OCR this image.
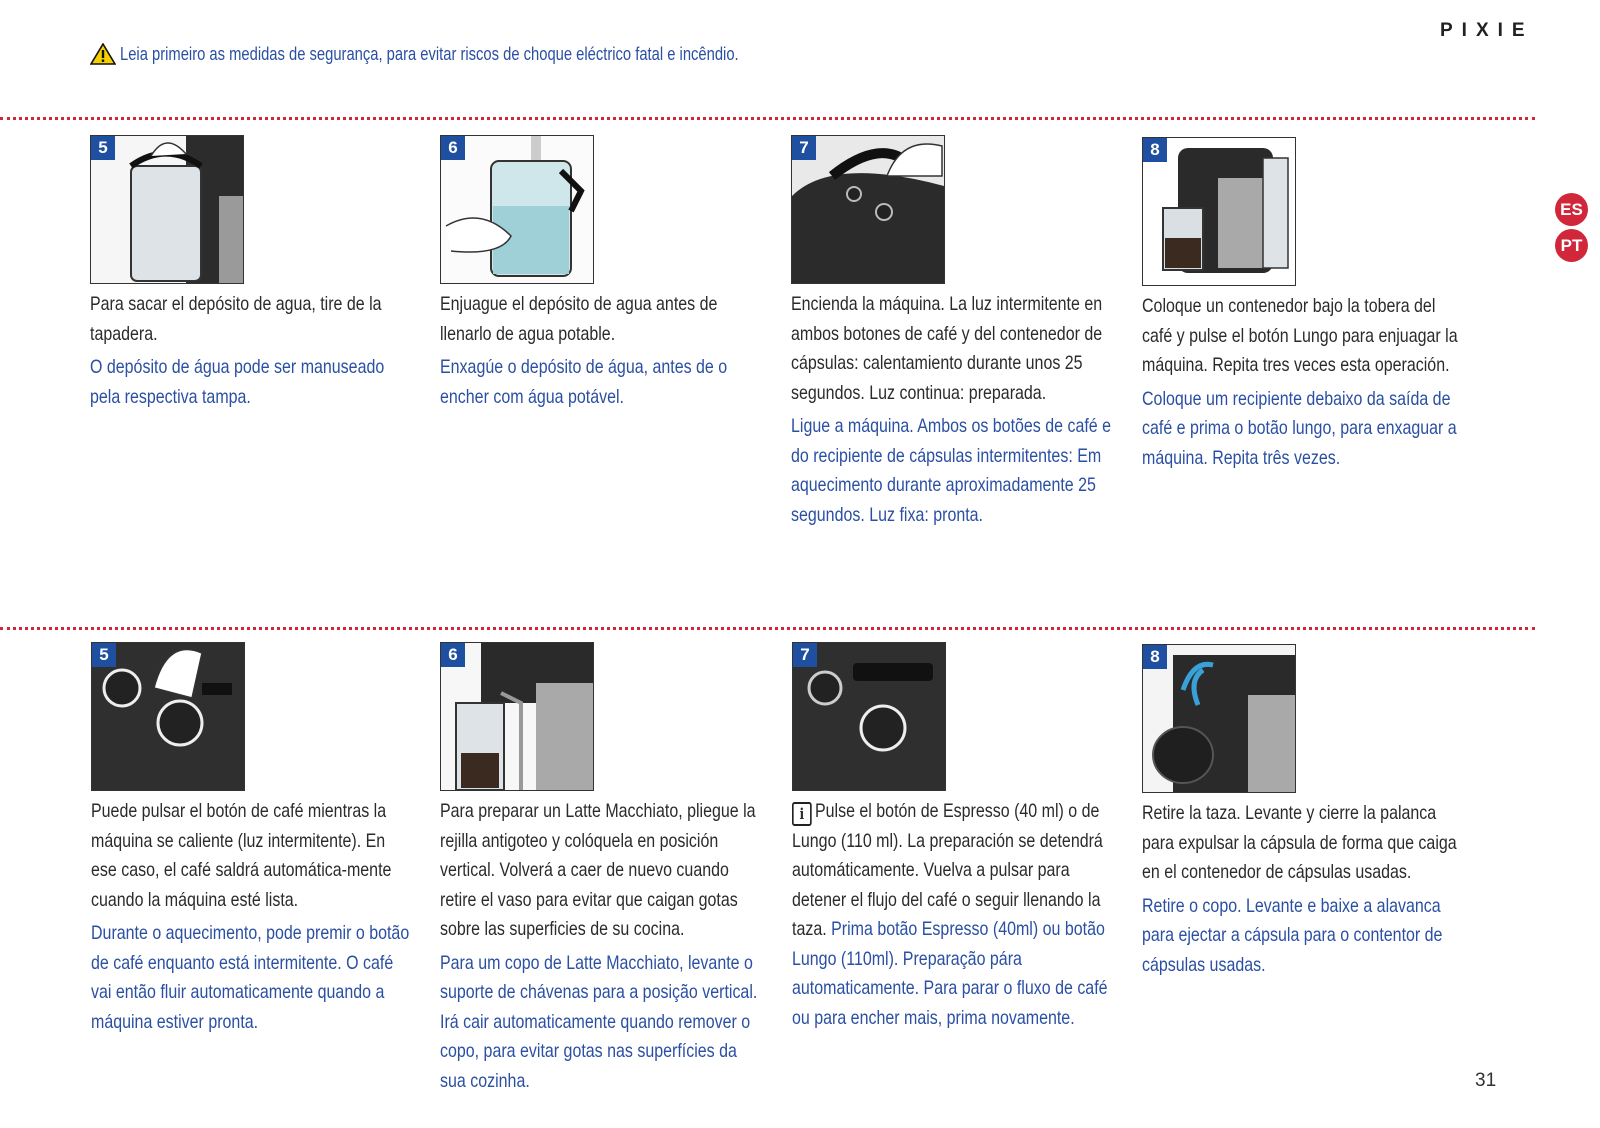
PIXIE
Leia primeiro as medidas de segurança, para evitar riscos de choque eléctrico fatal e incêndio.
ES
PT
5

Para sacar el depósito de agua, tire de la tapadera.

O depósito de água pode ser manuseado pela respectiva tampa.

6

Enjuague el depósito de agua antes de llenarlo de agua potable.

Enxagúe o depósito de água, antes de o encher com água potável.

7

Encienda la máquina. La luz intermitente en ambos botones de café y del contenedor de cápsulas: calentamiento durante unos 25 segundos. Luz continua: preparada.

Ligue a máquina. Ambos os botões de café e do recipiente de cápsulas intermitentes: Em aquecimento durante aproximadamente 25 segundos. Luz fixa: pronta.

8

Coloque un contenedor bajo la tobera del café y pulse el botón Lungo para enjuagar la máquina. Repita tres veces esta operación.

Coloque um recipiente debaixo da saída de café e prima o botão lungo, para enxaguar a máquina. Repita três vezes.

5

Puede pulsar el botón de café mientras la máquina se caliente (luz intermitente). En ese caso, el café saldrá automática-mente cuando la máquina esté lista.

Durante o aquecimento, pode premir o botão de café enquanto está intermitente. O café vai então fluir automaticamente quando a máquina estiver pronta.

6

Para preparar un Latte Macchiato, pliegue la rejilla antigoteo y colóquela en posición vertical. Volverá a caer de nuevo cuando retire el vaso para evitar que caigan gotas sobre las superficies de su cocina.

Para um copo de Latte Macchiato, levante o suporte de chávenas para a posição vertical. Irá cair automaticamente quando remover o copo, para evitar gotas nas superfícies da sua cozinha.

7

i Pulse el botón de Espresso (40 ml) o de Lungo (110 ml). La preparación se detendrá automáticamente. Vuelva a pulsar para detener el flujo del café o seguir llenando la taza. Prima botão Espresso (40ml) ou botão Lungo (110ml). Preparação pára automaticamente. Para parar o fluxo de café ou para encher mais, prima novamente.

8

Retire la taza. Levante y cierre la palanca para expulsar la cápsula de forma que caiga en el contenedor de cápsulas usadas.

Retire o copo. Levante e baixe a alavanca para ejectar a cápsula para o contentor de cápsulas usadas.

31
